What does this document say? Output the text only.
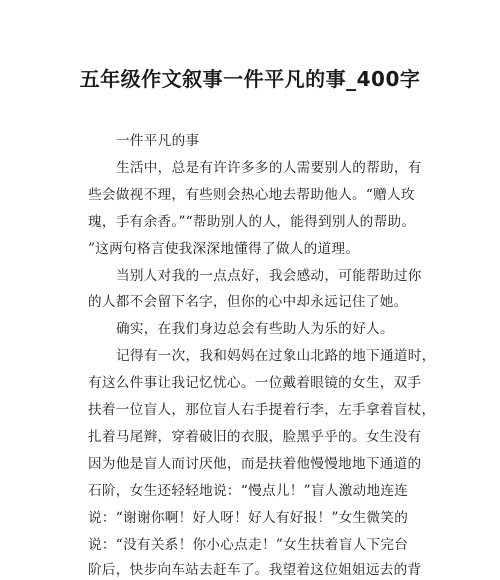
五年级作文叙事一件平凡的事_400字
一件平凡的事
生活中，总是有许许多多的人需要别人的帮助，有
些会做视不理，有些则会热心地去帮助他人。“赠人玫
瑰，手有余香。”“帮助别人的人，能得到别人的帮助。
”这两句格言使我深深地懂得了做人的道理。
当别人对我的一点点好，我会感动，可能帮助过你
的人都不会留下名字，但你的心中却永远记住了她。
确实，在我们身边总会有些助人为乐的好人。
记得有一次，我和妈妈在过象山北路的地下通道时，
有这么件事让我记忆忧心。一位戴着眼镜的女生，双手
扶着一位盲人，那位盲人右手提着行李，左手拿着盲杖，
扎着马尾辫，穿着破旧的衣服，脸黑乎乎的。女生没有
因为他是盲人而讨厌他，而是扶着他慢慢地地下通道的
石阶，女生还轻轻地说：“慢点儿！”盲人激动地连连
说：“谢谢你啊！好人呀！好人有好报！”女生微笑的
说：“没有关系！你小心点走！”女生扶着盲人下完台
阶后，快步向车站去赶车了。我望着这位姐姐远去的背
